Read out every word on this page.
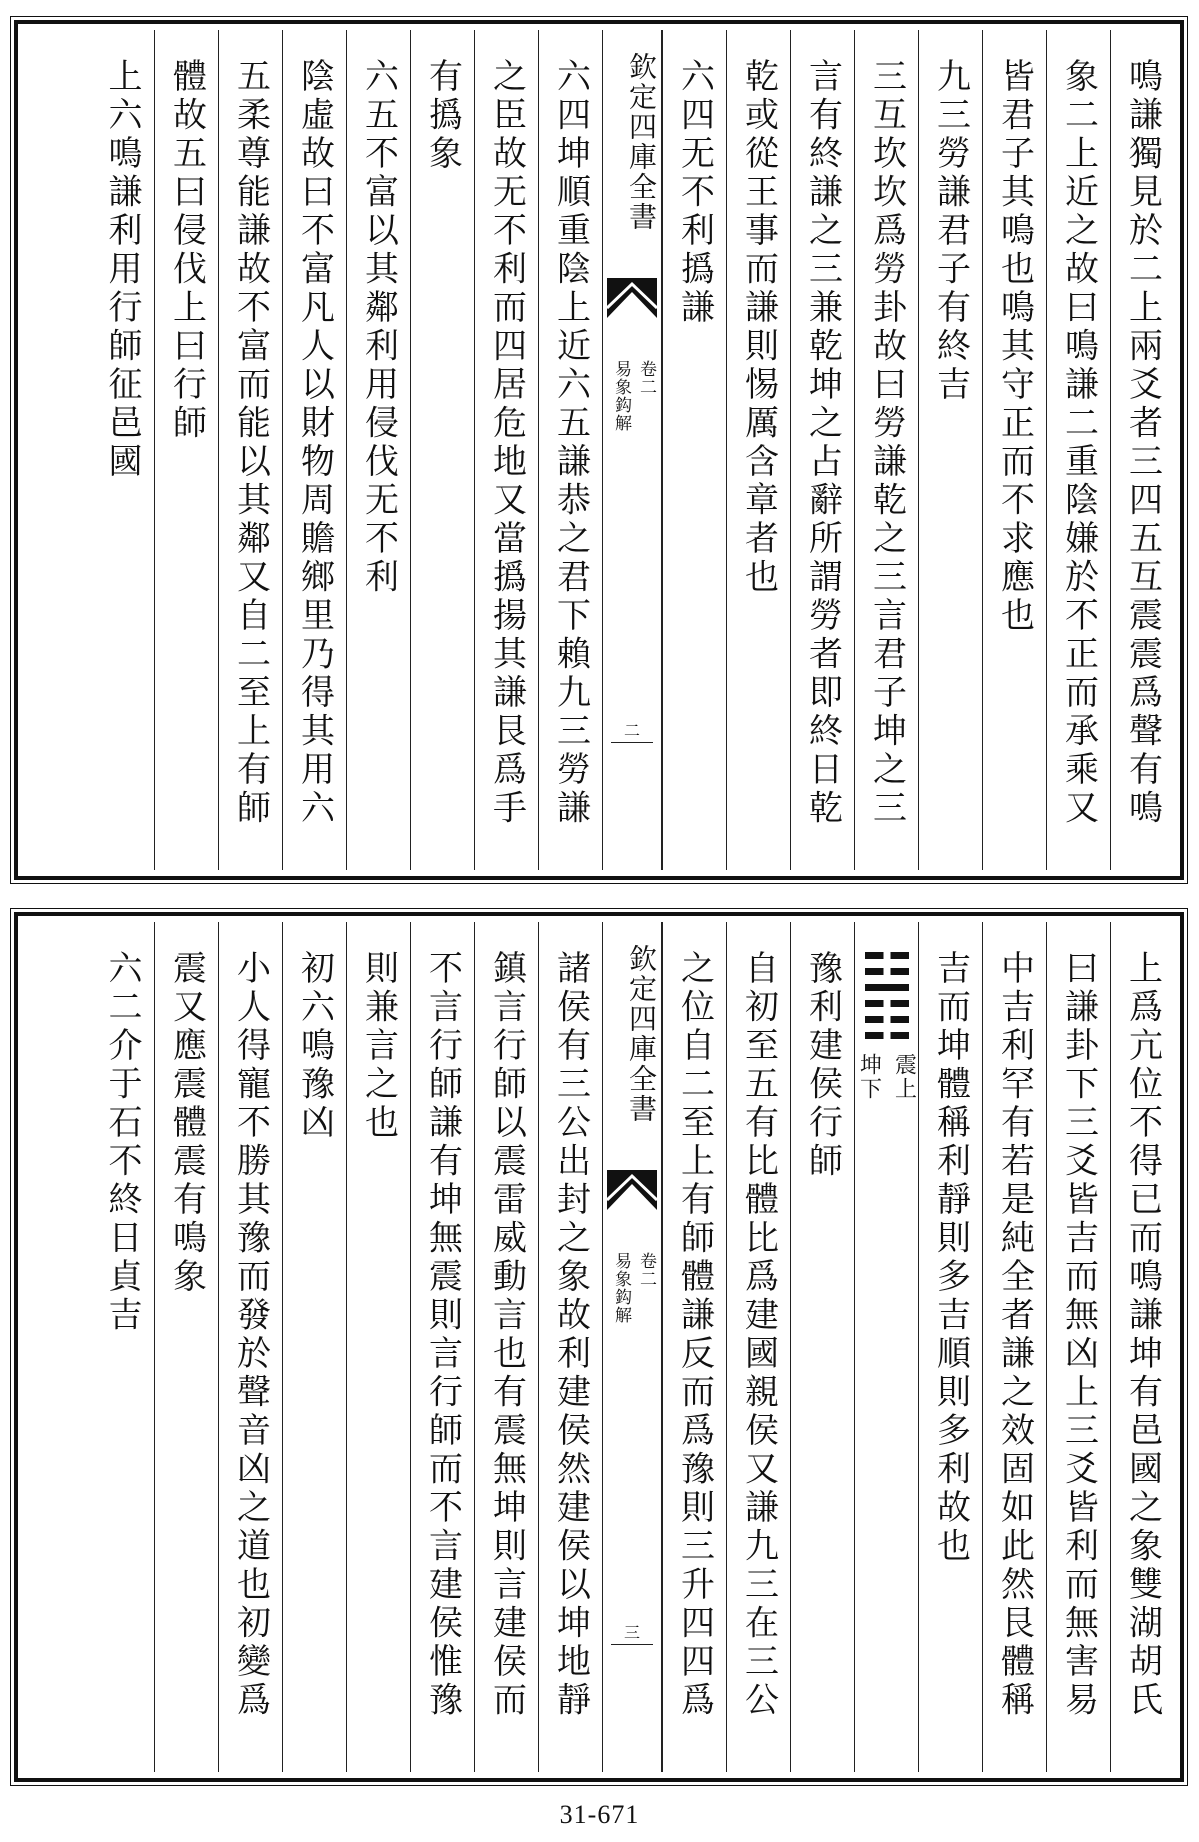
鳴謙獨見於二上兩爻者三四五互震震爲聲有鳴
象二上近之故曰鳴謙二重陰嫌於不正而承乘又
皆君子其鳴也鳴其守正而不求應也
九三勞謙君子有終吉
三互坎坎爲勞卦故曰勞謙乾之三言君子坤之三
言有終謙之三兼乾坤之占辭所謂勞者即終日乾
乾或從王事而謙則惕厲含章者也
六四无不利撝謙
欽定四庫全書
易象鈎解 卷二
二
六四坤順重陰上近六五謙恭之君下賴九三勞謙
之臣故无不利而四居危地又當撝揚其謙艮爲手
有撝象
六五不富以其鄰利用侵伐无不利
陰虛故曰不富凡人以財物周贍鄉里乃得其用六
五柔尊能謙故不富而能以其鄰又自二至上有師
體故五曰侵伐上曰行師
上六鳴謙利用行師征邑國
上爲亢位不得已而鳴謙坤有邑國之象雙湖胡氏
曰謙卦下三爻皆吉而無凶上三爻皆利而無害易
中吉利罕有若是純全者謙之效固如此然艮體稱
吉而坤體稱利靜則多吉順則多利故也
坤下 震上
豫利建侯行師
自初至五有比體比爲建國親侯又謙九三在三公
之位自二至上有師體謙反而爲豫則三升四四爲
欽定四庫全書
易象鈎解 卷二
三
諸侯有三公出封之象故利建侯然建侯以坤地靜
鎮言行師以震雷威動言也有震無坤則言建侯而
不言行師謙有坤無震則言行師而不言建侯惟豫
則兼言之也
初六鳴豫凶
小人得寵不勝其豫而發於聲音凶之道也初變爲
震又應震體震有鳴象
六二介于石不終日貞吉
31-671
